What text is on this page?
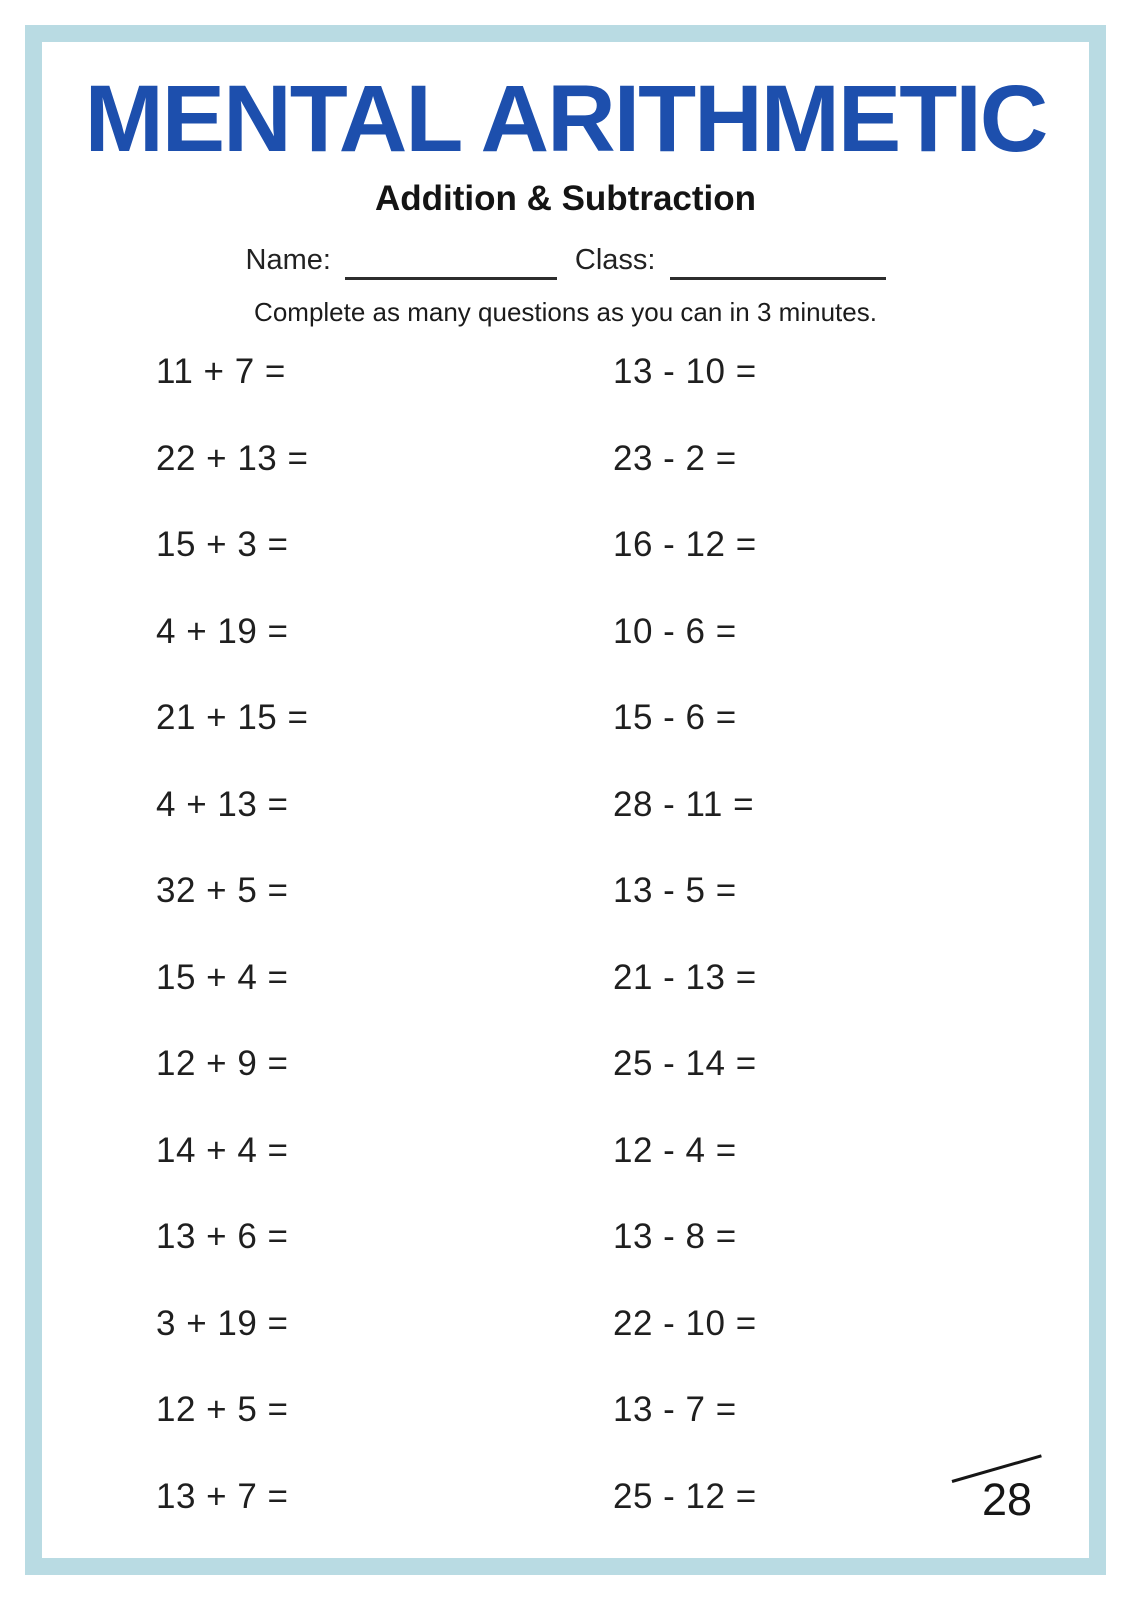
MENTAL ARITHMETIC
Addition & Subtraction
Name:	Class:

Complete as many questions as you can in 3 minutes.

11 + 7 =	13 - 10 =
22 + 13 =	23 - 2 =
15 + 3 =	16 - 12 =
4 + 19 =	10 - 6 =
21 + 15 =	15 - 6 =
4 + 13 =	28 - 11 =
32 + 5 =	13 - 5 =
15 + 4 =	21 - 13 =
12 + 9 =	25 - 14 =
14 + 4 =	12 - 4 =
13 + 6 =	13 - 8 =
3 + 19 =	22 - 10 =
12 + 5 =	13 - 7 =
13 + 7 =	25 - 12 =	28
